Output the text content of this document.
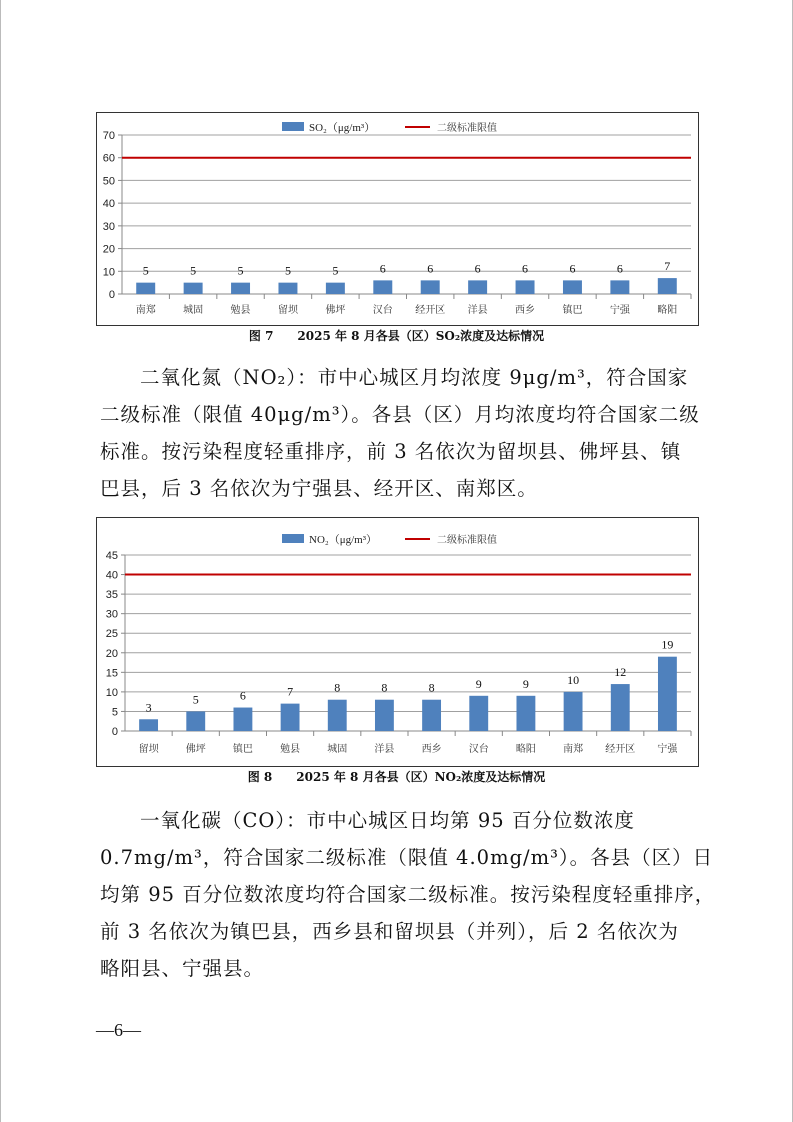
SO₂（μg/m³）	二级标准限值
0
10
20
30
40
50
60
70
5
南郑
5
城固
5
勉县
5
留坝
5
佛坪
6
汉台
6
经开区
6
洋县
6
西乡
6
镇巴
6
宁强
7
略阳
图 7 2025 年 8 月各县（区）SO₂浓度及达标情况
二氧化氮（NO₂）：市中心城区月均浓度 9μg/m³，符合国家
二级标准（限值 40μg/m³）。各县（区）月均浓度均符合国家二级
标准。按污染程度轻重排序，前 3 名依次为留坝县、佛坪县、镇
巴县，后 3 名依次为宁强县、经开区、南郑区。
NO₂（μg/m³）	二级标准限值
0
5
10
15
20
25
30
35
40
45
3
留坝
5
佛坪
6
镇巴
7
勉县
8
城固
8
洋县
8
西乡
9
汉台
9
略阳
10
南郑
12
经开区
19
宁强
图 8 2025 年 8 月各县（区）NO₂浓度及达标情况
一氧化碳（CO）：市中心城区日均第 95 百分位数浓度
0.7mg/m³，符合国家二级标准（限值 4.0mg/m³）。各县（区）日
均第 95 百分位数浓度均符合国家二级标准。按污染程度轻重排序，
前 3 名依次为镇巴县，西乡县和留坝县（并列），后 2 名依次为
略阳县、宁强县。
—6—
